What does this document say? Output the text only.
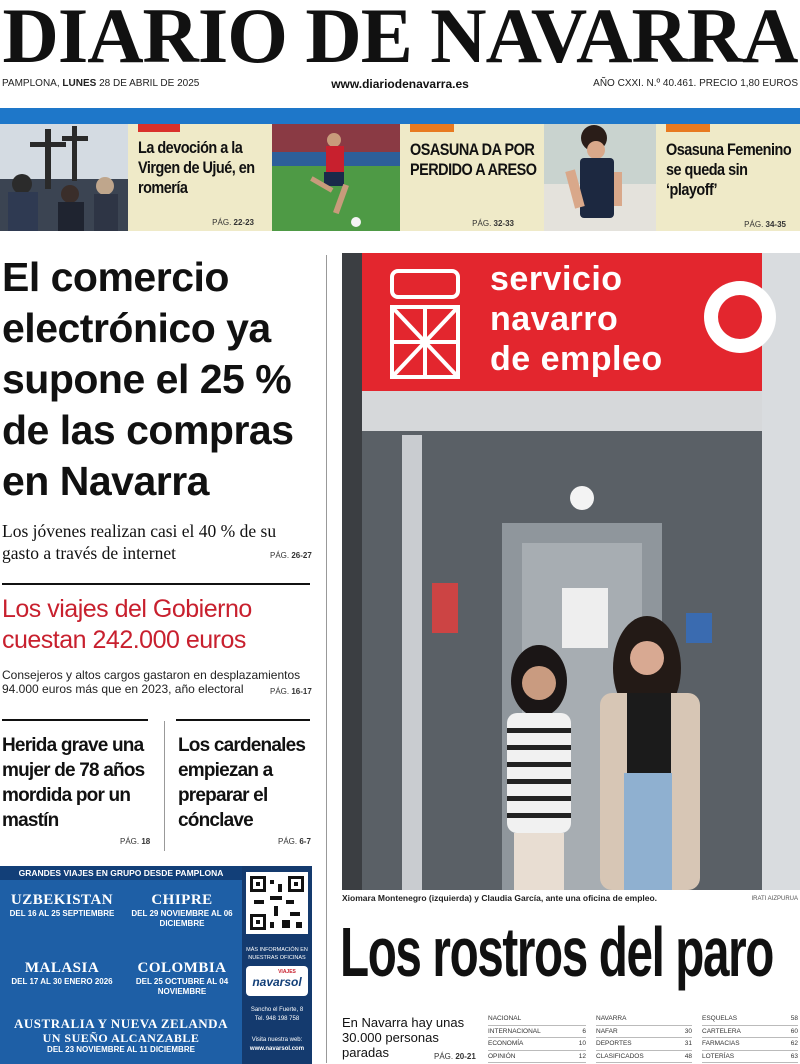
DIARIO DE NAVARRA
PAMPLONA, LUNES 28 DE ABRIL DE 2025	www.diariodenavarra.es	AÑO CXXI. N.º 40.461. PRECIO 1,80 EUROS
La devoción a la Virgen de Ujué, en romería
PÁG. 22-23
OSASUNA DA POR PERDIDO A ARESO
PÁG. 32-33
Osasuna Femenino se queda sin ‘playoff’
PÁG. 34-35
El comercio electrónico ya supone el 25 % de las compras en Navarra
Los jóvenes realizan casi el 40 % de su gasto a través de internet	PÁG. 26-27
Los viajes del Gobierno cuestan 242.000 euros
Consejeros y altos cargos gastaron en desplazamientos 94.000 euros más que en 2023, año electoral	PÁG. 16-17
Herida grave una mujer de 78 años mordida por un mastín
PÁG. 18
Los cardenales empiezan a preparar el cónclave
PÁG. 6-7
GRANDES VIAJES EN GRUPO DESDE PAMPLONA
UZBEKISTAN
DEL 16 AL 25 SEPTIEMBRE
CHIPRE
DEL 29 NOVIEMBRE AL 06 DICIEMBRE
MALASIA
DEL 17 AL 30 ENERO 2026
COLOMBIA
DEL 25 OCTUBRE AL 04 NOVIEMBRE
AUSTRALIA Y NUEVA ZELANDA
UN SUEÑO ALCANZABLE
DEL 23 NOVIEMBRE AL 11 DICIEMBRE
MÁS INFORMACIÓN EN NUESTRAS OFICINAS
VIAJES
navarsol
Sancho el Fuerte, 8
Tel. 948 198 758
Visita nuestra web:
www.navarsol.com
servicio
navarro
de empleo
Xiomara Montenegro (izquierda) y Claudia García, ante una oficina de empleo.	IRATI AIZPURUA
Los rostros del paro
En Navarra hay unas 30.000 personas paradas	PÁG. 20-21
NACIONAL
INTERNACIONAL	6
ECONOMÍA	10
OPINIÓN	12
NAVARRA
NAFAR	30
DEPORTES	31
CLASIFICADOS	48
ESQUELAS	58
CARTELERA	60
FARMACIAS	62
LOTERÍAS	63
